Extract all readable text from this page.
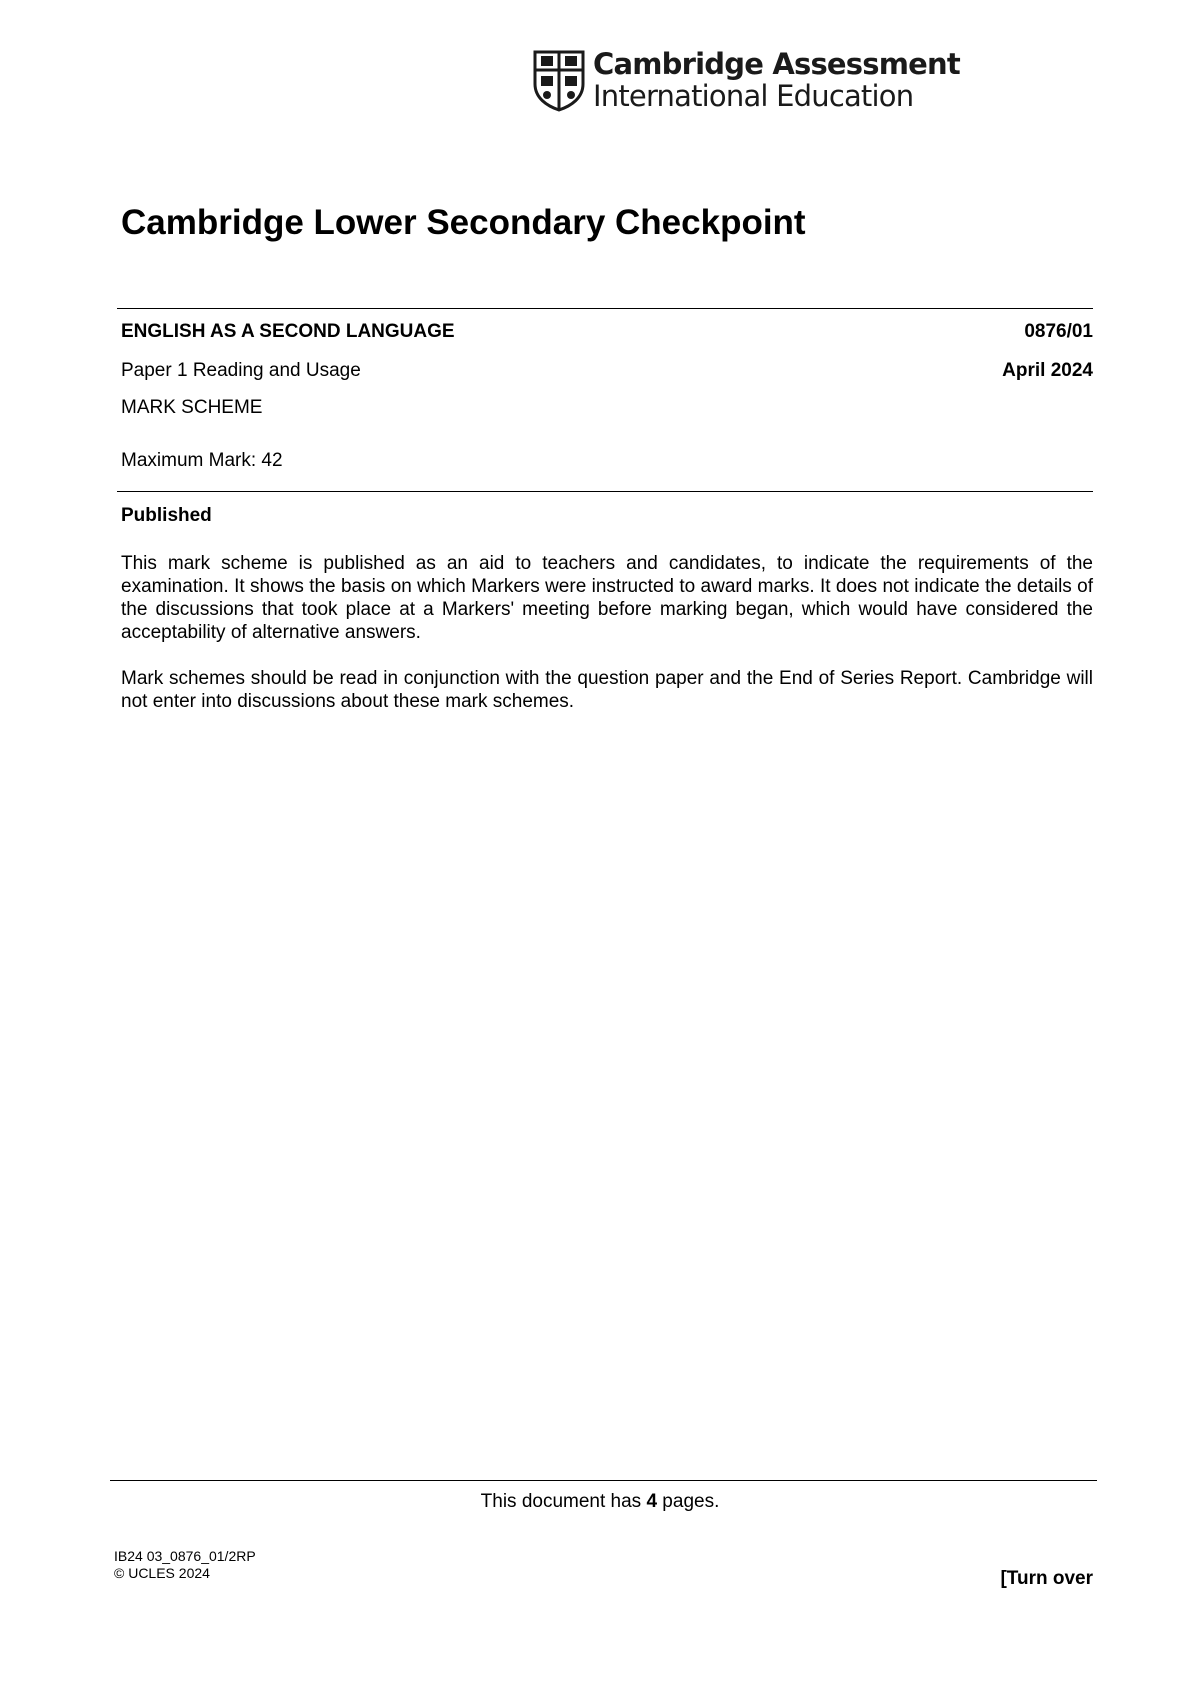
Cambridge Assessment
International Education
Cambridge Lower Secondary Checkpoint
ENGLISH AS A SECOND LANGUAGE	0876/01
Paper 1 Reading and Usage	April 2024
MARK SCHEME
Maximum Mark: 42
Published
This mark scheme is published as an aid to teachers and candidates, to indicate the requirements of the examination. It shows the basis on which Markers were instructed to award marks. It does not indicate the details of the discussions that took place at a Markers' meeting before marking began, which would have considered the acceptability of alternative answers.
Mark schemes should be read in conjunction with the question paper and the End of Series Report. Cambridge will not enter into discussions about these mark schemes.
This document has 4 pages.
IB24 03_0876_01/2RP
© UCLES 2024	[Turn over
